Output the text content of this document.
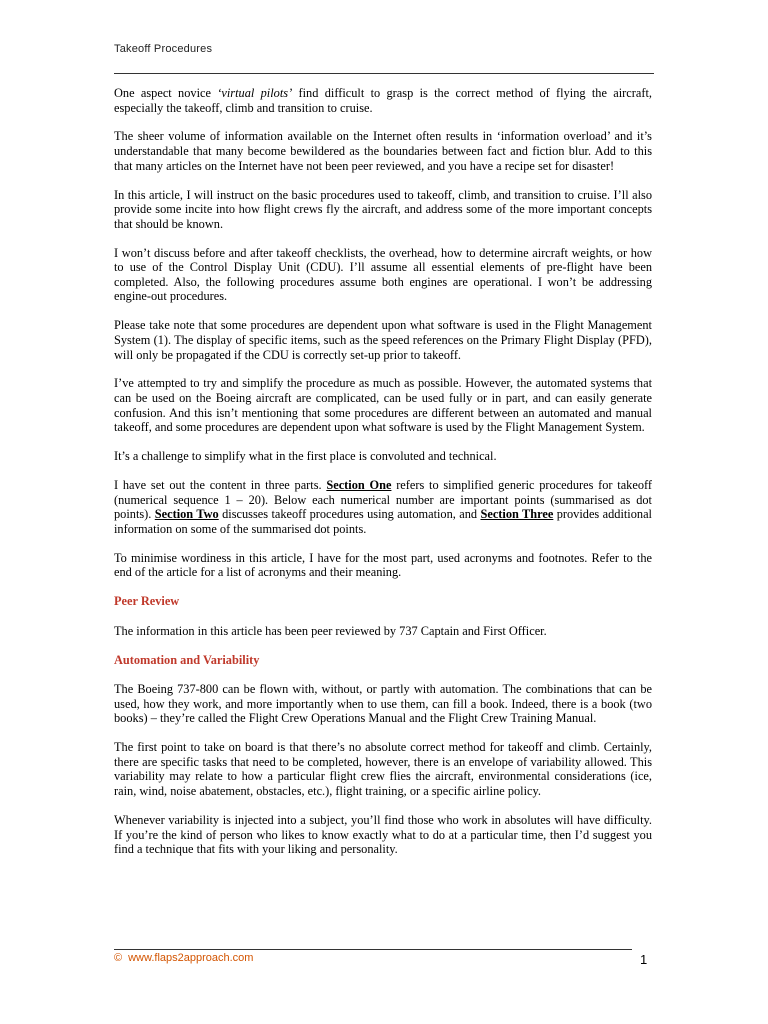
Takeoff Procedures

One aspect novice ‘virtual pilots’ find difficult to grasp is the correct method of flying the aircraft, especially the takeoff, climb and transition to cruise.

The sheer volume of information available on the Internet often results in ‘information overload’ and it’s understandable that many become bewildered as the boundaries between fact and fiction blur. Add to this that many articles on the Internet have not been peer reviewed, and you have a recipe set for disaster!

In this article, I will instruct on the basic procedures used to takeoff, climb, and transition to cruise. I’ll also provide some incite into how flight crews fly the aircraft, and address some of the more important concepts that should be known.

I won’t discuss before and after takeoff checklists, the overhead, how to determine aircraft weights, or how to use of the Control Display Unit (CDU). I’ll assume all essential elements of pre-flight have been completed. Also, the following procedures assume both engines are operational. I won’t be addressing engine-out procedures.

Please take note that some procedures are dependent upon what software is used in the Flight Management System (1). The display of specific items, such as the speed references on the Primary Flight Display (PFD), will only be propagated if the CDU is correctly set-up prior to takeoff.

I’ve attempted to try and simplify the procedure as much as possible. However, the automated systems that can be used on the Boeing aircraft are complicated, can be used fully or in part, and can easily generate confusion. And this isn’t mentioning that some procedures are different between an automated and manual takeoff, and some procedures are dependent upon what software is used by the Flight Management System.

It’s a challenge to simplify what in the first place is convoluted and technical.

I have set out the content in three parts. Section One refers to simplified generic procedures for takeoff (numerical sequence 1 – 20). Below each numerical number are important points (summarised as dot points). Section Two discusses takeoff procedures using automation, and Section Three provides additional information on some of the summarised dot points.

To minimise wordiness in this article, I have for the most part, used acronyms and footnotes. Refer to the end of the article for a list of acronyms and their meaning.

Peer Review

The information in this article has been peer reviewed by 737 Captain and First Officer.

Automation and Variability

The Boeing 737-800 can be flown with, without, or partly with automation. The combinations that can be used, how they work, and more importantly when to use them, can fill a book. Indeed, there is a book (two books) – they’re called the Flight Crew Operations Manual and the Flight Crew Training Manual.

The first point to take on board is that there’s no absolute correct method for takeoff and climb. Certainly, there are specific tasks that need to be completed, however, there is an envelope of variability allowed. This variability may relate to how a particular flight crew flies the aircraft, environmental considerations (ice, rain, wind, noise abatement, obstacles, etc.), flight training, or a specific airline policy.

Whenever variability is injected into a subject, you’ll find those who work in absolutes will have difficulty. If you’re the kind of person who likes to know exactly what to do at a particular time, then I’d suggest you find a technique that fits with your liking and personality.

© www.flaps2approach.com	1
